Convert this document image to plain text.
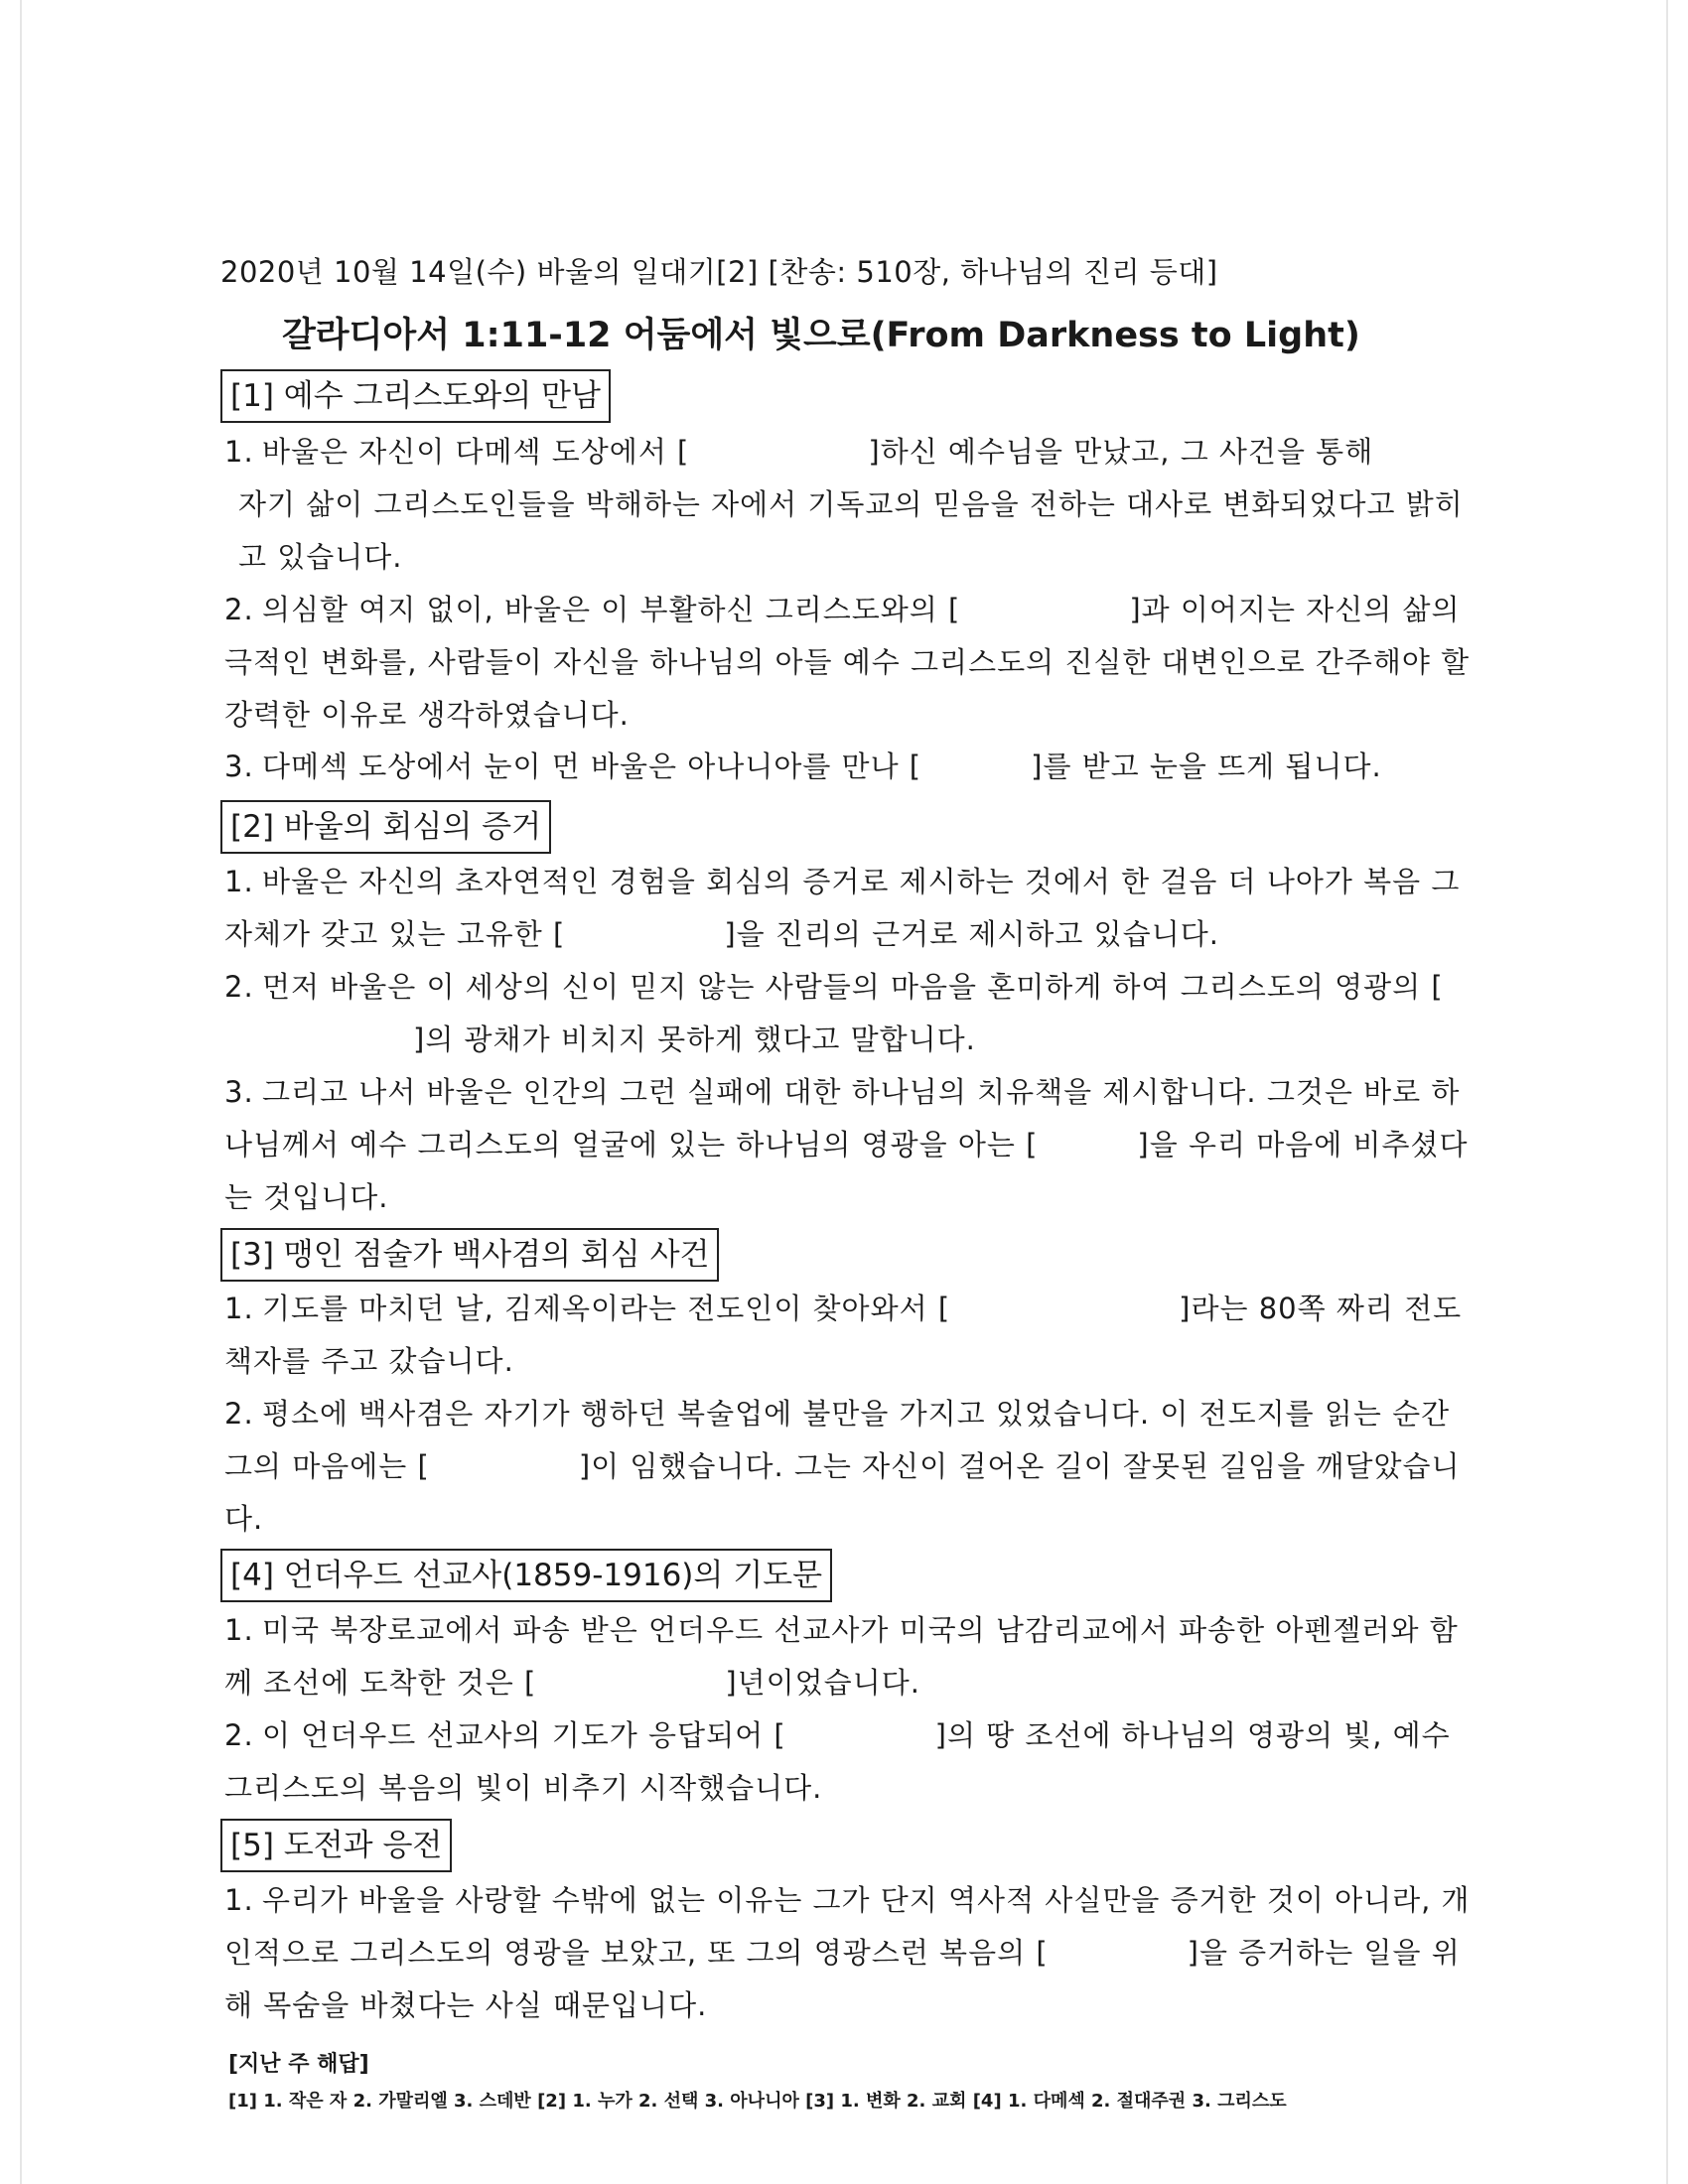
2020년 10월 14일(수) 바울의 일대기[2] [찬송: 510장, 하나님의 진리 등대]
갈라디아서 1:11-12 어둠에서 빛으로(From Darkness to Light)
[1] 예수 그리스도와의 만남
1. 바울은 자신이 다메섹 도상에서 [	]하신 예수님을 만났고, 그 사건을 통해
자기 삶이 그리스도인들을 박해하는 자에서 기독교의 믿음을 전하는 대사로 변화되었다고 밝히고 있습니다.
2. 의심할 여지 없이, 바울은 이 부활하신 그리스도와의 [	]과 이어지는 자신의 삶의 극적인 변화를, 사람들이 자신을 하나님의 아들 예수 그리스도의 진실한 대변인으로 간주해야 할 강력한 이유로 생각하였습니다.
3. 다메섹 도상에서 눈이 먼 바울은 아나니아를 만나 [	]를 받고 눈을 뜨게 됩니다.
[2] 바울의 회심의 증거
1. 바울은 자신의 초자연적인 경험을 회심의 증거로 제시하는 것에서 한 걸음 더 나아가 복음 그 자체가 갖고 있는 고유한 [	]을 진리의 근거로 제시하고 있습니다.
2. 먼저 바울은 이 세상의 신이 믿지 않는 사람들의 마음을 혼미하게 하여 그리스도의 영광의 []의 광채가 비치지 못하게 했다고 말합니다.
3. 그리고 나서 바울은 인간의 그런 실패에 대한 하나님의 치유책을 제시합니다. 그것은 바로 하나님께서 예수 그리스도의 얼굴에 있는 하나님의 영광을 아는 [	]을 우리 마음에 비추셨다는 것입니다.
[3] 맹인 점술가 백사겸의 회심 사건
1. 기도를 마치던 날, 김제옥이라는 전도인이 찾아와서 [	]라는 80쪽 짜리 전도책자를 주고 갔습니다.
2. 평소에 백사겸은 자기가 행하던 복술업에 불만을 가지고 있었습니다. 이 전도지를 읽는 순간 그의 마음에는 [	]이 임했습니다. 그는 자신이 걸어온 길이 잘못된 길임을 깨달았습니다.
[4] 언더우드 선교사(1859-1916)의 기도문
1. 미국 북장로교에서 파송 받은 언더우드 선교사가 미국의 남감리교에서 파송한 아펜젤러와 함께 조선에 도착한 것은 [	]년이었습니다.
2. 이 언더우드 선교사의 기도가 응답되어 [	]의 땅 조선에 하나님의 영광의 빛, 예수 그리스도의 복음의 빛이 비추기 시작했습니다.
[5] 도전과 응전
1. 우리가 바울을 사랑할 수밖에 없는 이유는 그가 단지 역사적 사실만을 증거한 것이 아니라, 개인적으로 그리스도의 영광을 보았고, 또 그의 영광스런 복음의 [	]을 증거하는 일을 위해 목숨을 바쳤다는 사실 때문입니다.
[지난 주 해답]
[1] 1. 작은 자 2. 가말리엘 3. 스데반 [2] 1. 누가 2. 선택 3. 아나니아 [3] 1. 변화 2. 교회 [4] 1. 다메섹 2. 절대주권 3. 그리스도
